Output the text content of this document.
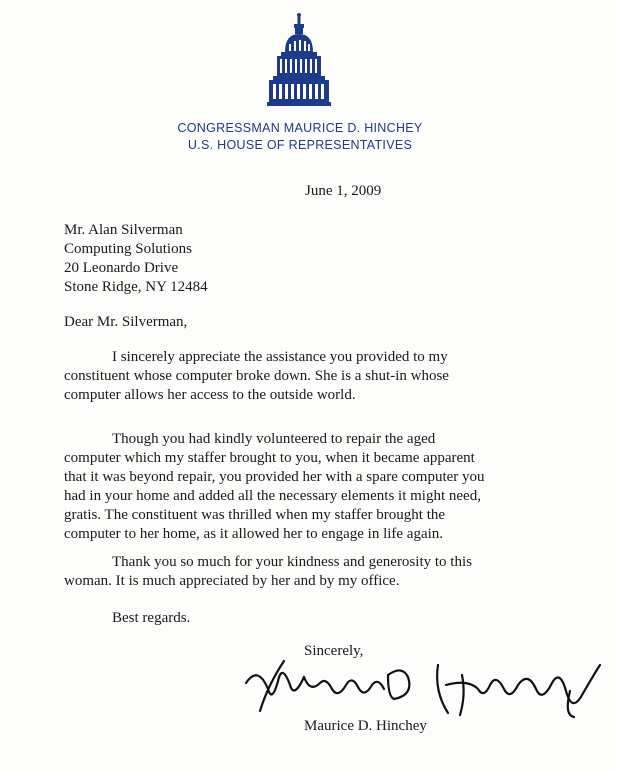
CONGRESSMAN MAURICE D. HINCHEY
U.S. HOUSE OF REPRESENTATIVES
June 1, 2009
Mr. Alan Silverman
Computing Solutions
20 Leonardo Drive
Stone Ridge, NY 12484
Dear Mr. Silverman,
I sincerely appreciate the assistance you provided to my
constituent whose computer broke down. She is a shut-in whose
computer allows her access to the outside world.
Though you had kindly volunteered to repair the aged
computer which my staffer brought to you, when it became apparent
that it was beyond repair, you provided her with a spare computer you
had in your home and added all the necessary elements it might need,
gratis. The constituent was thrilled when my staffer brought the
computer to her home, as it allowed her to engage in life again.
Thank you so much for your kindness and generosity to this
woman. It is much appreciated by her and by my office.
Best regards.
Sincerely,
Maurice D. Hinchey
